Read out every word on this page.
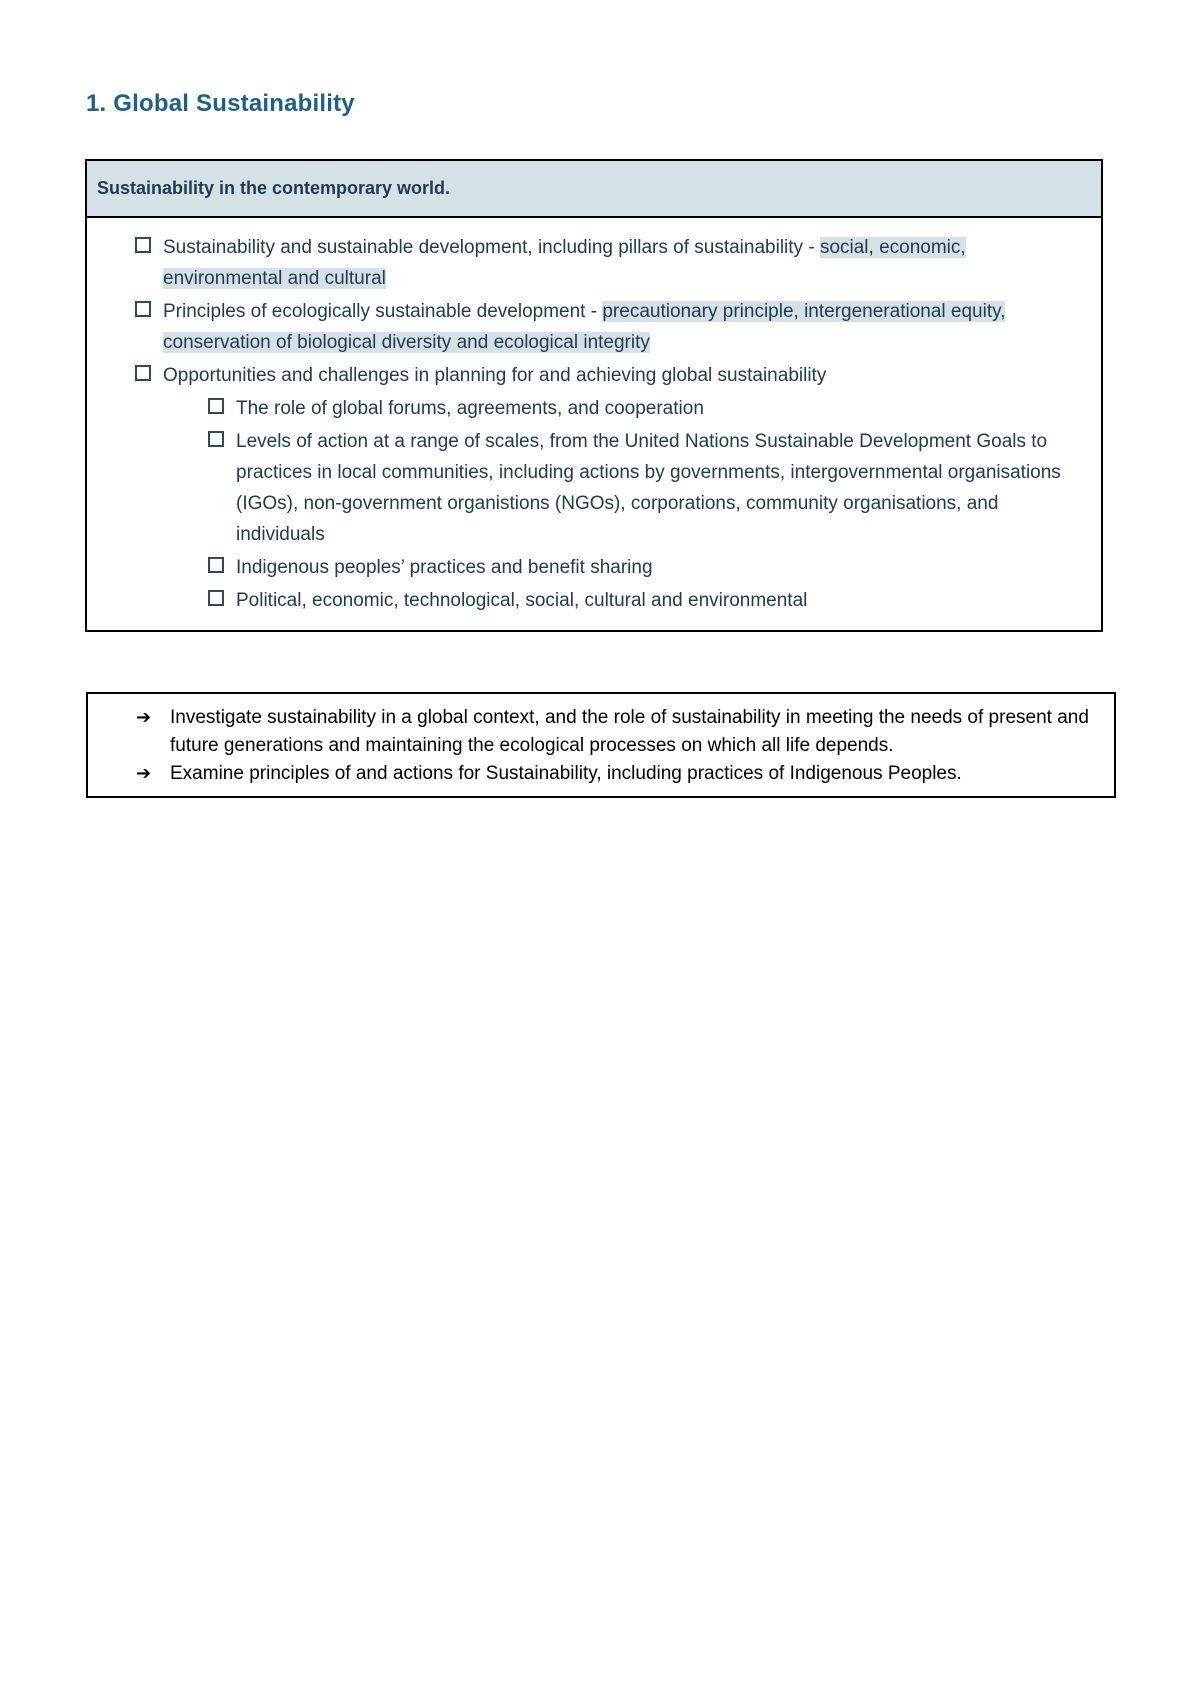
1. Global Sustainability
Sustainability in the contemporary world.
Sustainability and sustainable development, including pillars of sustainability - social, economic, environmental and cultural
Principles of ecologically sustainable development - precautionary principle, intergenerational equity, conservation of biological diversity and ecological integrity
Opportunities and challenges in planning for and achieving global sustainability
The role of global forums, agreements, and cooperation
Levels of action at a range of scales, from the United Nations Sustainable Development Goals to practices in local communities, including actions by governments, intergovernmental organisations (IGOs), non-government organistions (NGOs), corporations, community organisations, and individuals
Indigenous peoples’ practices and benefit sharing
Political, economic, technological, social, cultural and environmental
➔ Investigate sustainability in a global context, and the role of sustainability in meeting the needs of present and future generations and maintaining the ecological processes on which all life depends.
➔ Examine principles of and actions for Sustainability, including practices of Indigenous Peoples.
